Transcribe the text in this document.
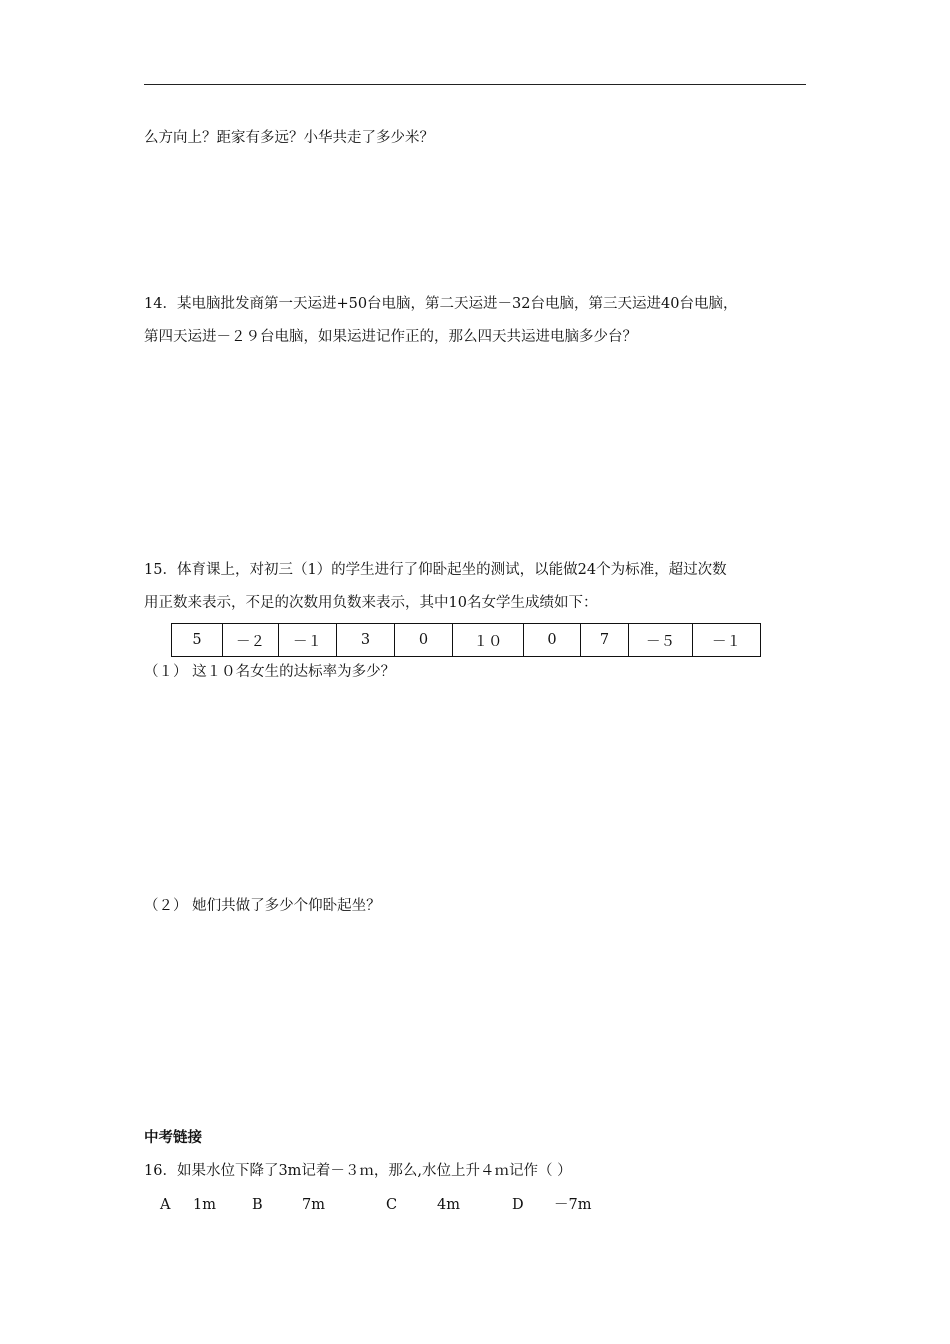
么方向上？距家有多远？小华共走了多少米？
14．某电脑批发商第一天运进+50台电脑，第二天运进－32台电脑，第三天运进40台电脑，
第四天运进－２９台电脑，如果运进记作正的，那么四天共运进电脑多少台？
15．体育课上，对初三（1）的学生进行了仰卧起坐的测试，以能做24个为标准，超过次数
用正数来表示，不足的次数用负数来表示，其中10名女学生成绩如下：
5	－２	－１	3	0	１０	0	7	－５	－１
（１） 这１０名女生的达标率为多少？
（２） 她们共做了多少个仰卧起坐？
中考链接
16．如果水位下降了3m记着－３ｍ，那么,水位上升４ｍ记作（ ）
A 1m B	7m	C	4m	D －7m
